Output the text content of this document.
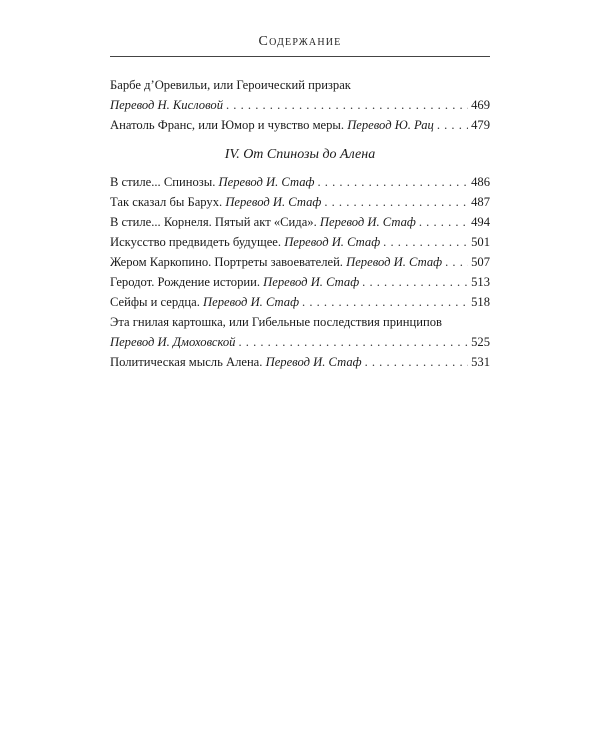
Содержание
Барбе д’Оревильи, или Героический призрак
Перевод Н. Кисловой . . .	469
Анатоль Франс, или Юмор и чувство меры. Перевод Ю. Рац . . .	479
IV. От Спинозы до Алена
В стиле... Спинозы. Перевод И. Стаф . . .	486
Так сказал бы Барух. Перевод И. Стаф . . .	487
В стиле... Корнеля. Пятый акт «Сида». Перевод И. Стаф . . .	494
Искусство предвидеть будущее. Перевод И. Стаф . . .	501
Жером Каркопино. Портреты завоевателей. Перевод И. Стаф . . . 507
Геродот. Рождение истории. Перевод И. Стаф . . .	513
Сейфы и сердца. Перевод И. Стаф . . .	518
Эта гнилая картошка, или Гибельные последствия принципов
Перевод И. Дмоховской . . .	525
Политическая мысль Алена. Перевод И. Стаф . . .	531
